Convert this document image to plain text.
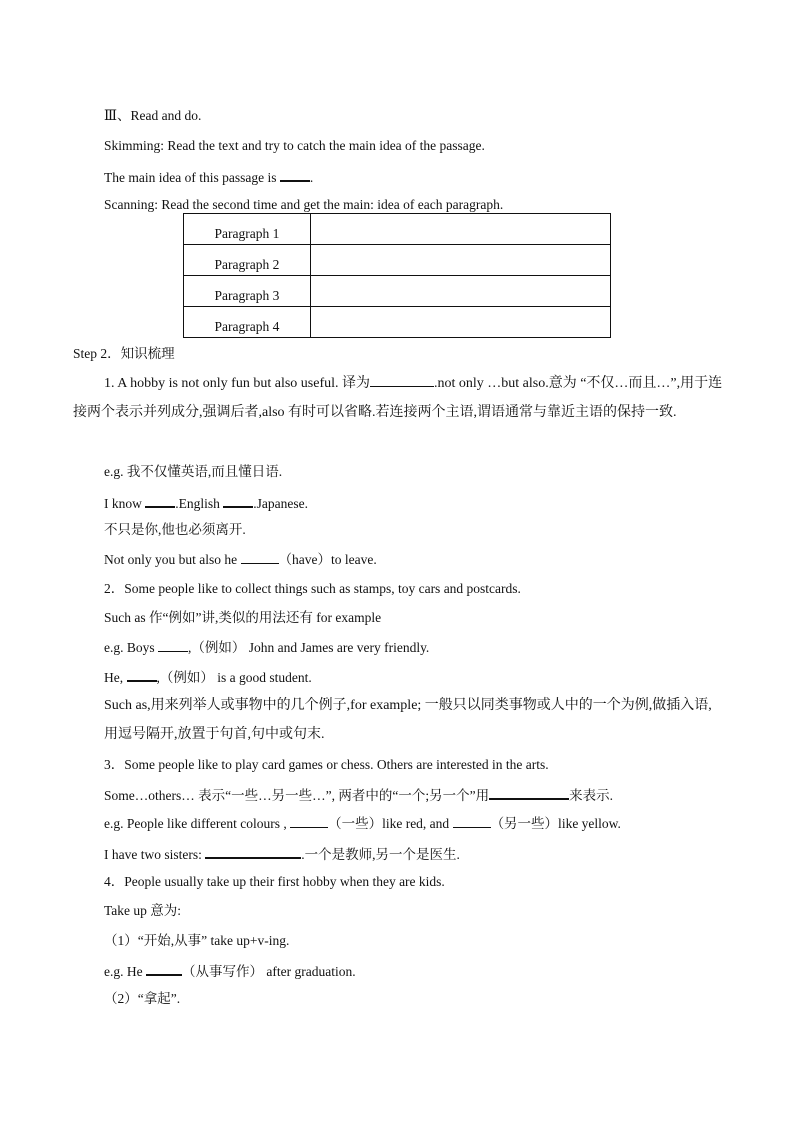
Ⅲ、Read and do.
Skimming: Read the text and try to catch the main idea of the passage.
The main idea of this passage is .
Scanning: Read the second time and get the main: idea of each paragraph.
Paragraph 1	
Paragraph 2	
Paragraph 3	
Paragraph 4	
Step 2．知识梳理
1. A hobby is not only fun but also useful. 译为	.not only …but also.意为 “不仅…而且…”,用于连接两个表示并列成分,强调后者,also 有时可以省略.若连接两个主语,谓语通常与靠近主语的保持一致.
e.g. 我不仅懂英语,而且懂日语.
I know .English .Japanese.
不只是你,他也必须离开.
Not only you but also he	（have）to leave.
2．Some people like to collect things such as stamps, toy cars and postcards.
Such as 作“例如”讲,类似的用法还有 for example
e.g. Boys ,（例如） John and James are very friendly.
He, ,（例如） is a good student.
Such as,用来列举人或事物中的几个例子,for example; 一般只以同类事物或人中的一个为例,做插入语,用逗号隔开,放置于句首,句中或句末.
3．Some people like to play card games or chess. Others are interested in the arts.
Some…others… 表示“一些…另一些…”, 两者中的“一个;另一个”用	来表示.
e.g. People like different colours ,	（一些）like red, and	（另一些）like yellow.
I have two sisters:	.一个是教师,另一个是医生.
4．People usually take up their first hobby when they are kids.
Take up 意为:
（1）“开始,从事” take up+v-ing.
e.g. He	（从事写作） after graduation.
（2）“拿起”.
